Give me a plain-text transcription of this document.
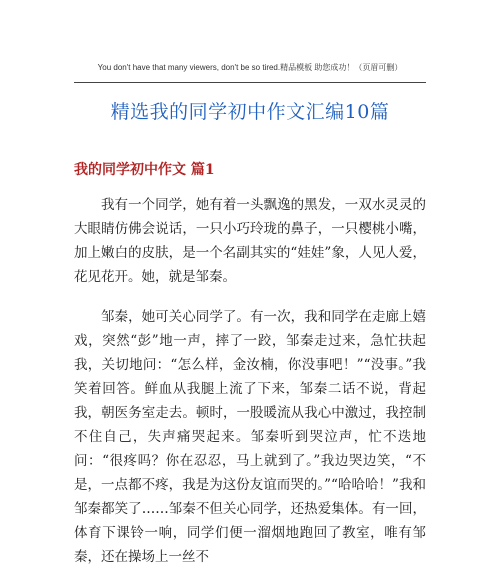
You don't have that many viewers, don't be so tired.精品模板 助您成功！（页眉可删）
精选我的同学初中作文汇编10篇
我的同学初中作文 篇1

我有一个同学，她有着一头飘逸的黑发，一双水灵灵的大眼睛仿佛会说话，一只小巧玲珑的鼻子，一只樱桃小嘴，加上嫩白的皮肤，是一个名副其实的“娃娃”象，人见人爱，花见花开。她，就是邹秦。

邹秦，她可关心同学了。有一次，我和同学在走廊上嬉戏，突然“彭”地一声，摔了一跤，邹秦走过来，急忙扶起我，关切地问：“怎么样，金汝楠，你没事吧！”“没事。”我笑着回答。鲜血从我腿上流了下来，邹秦二话不说，背起我，朝医务室走去。顿时，一股暖流从我心中激过，我控制不住自己，失声痛哭起来。邹秦听到哭泣声，忙不迭地问：“很疼吗？你在忍忍，马上就到了。”我边哭边笑，“不是，一点都不疼，我是为这份友谊而哭的。”“哈哈哈！”我和邹秦都笑了……邹秦不但关心同学，还热爱集体。有一回，体育下课铃一响，同学们便一溜烟地跑回了教室，唯有邹秦，还在操场上一丝不
